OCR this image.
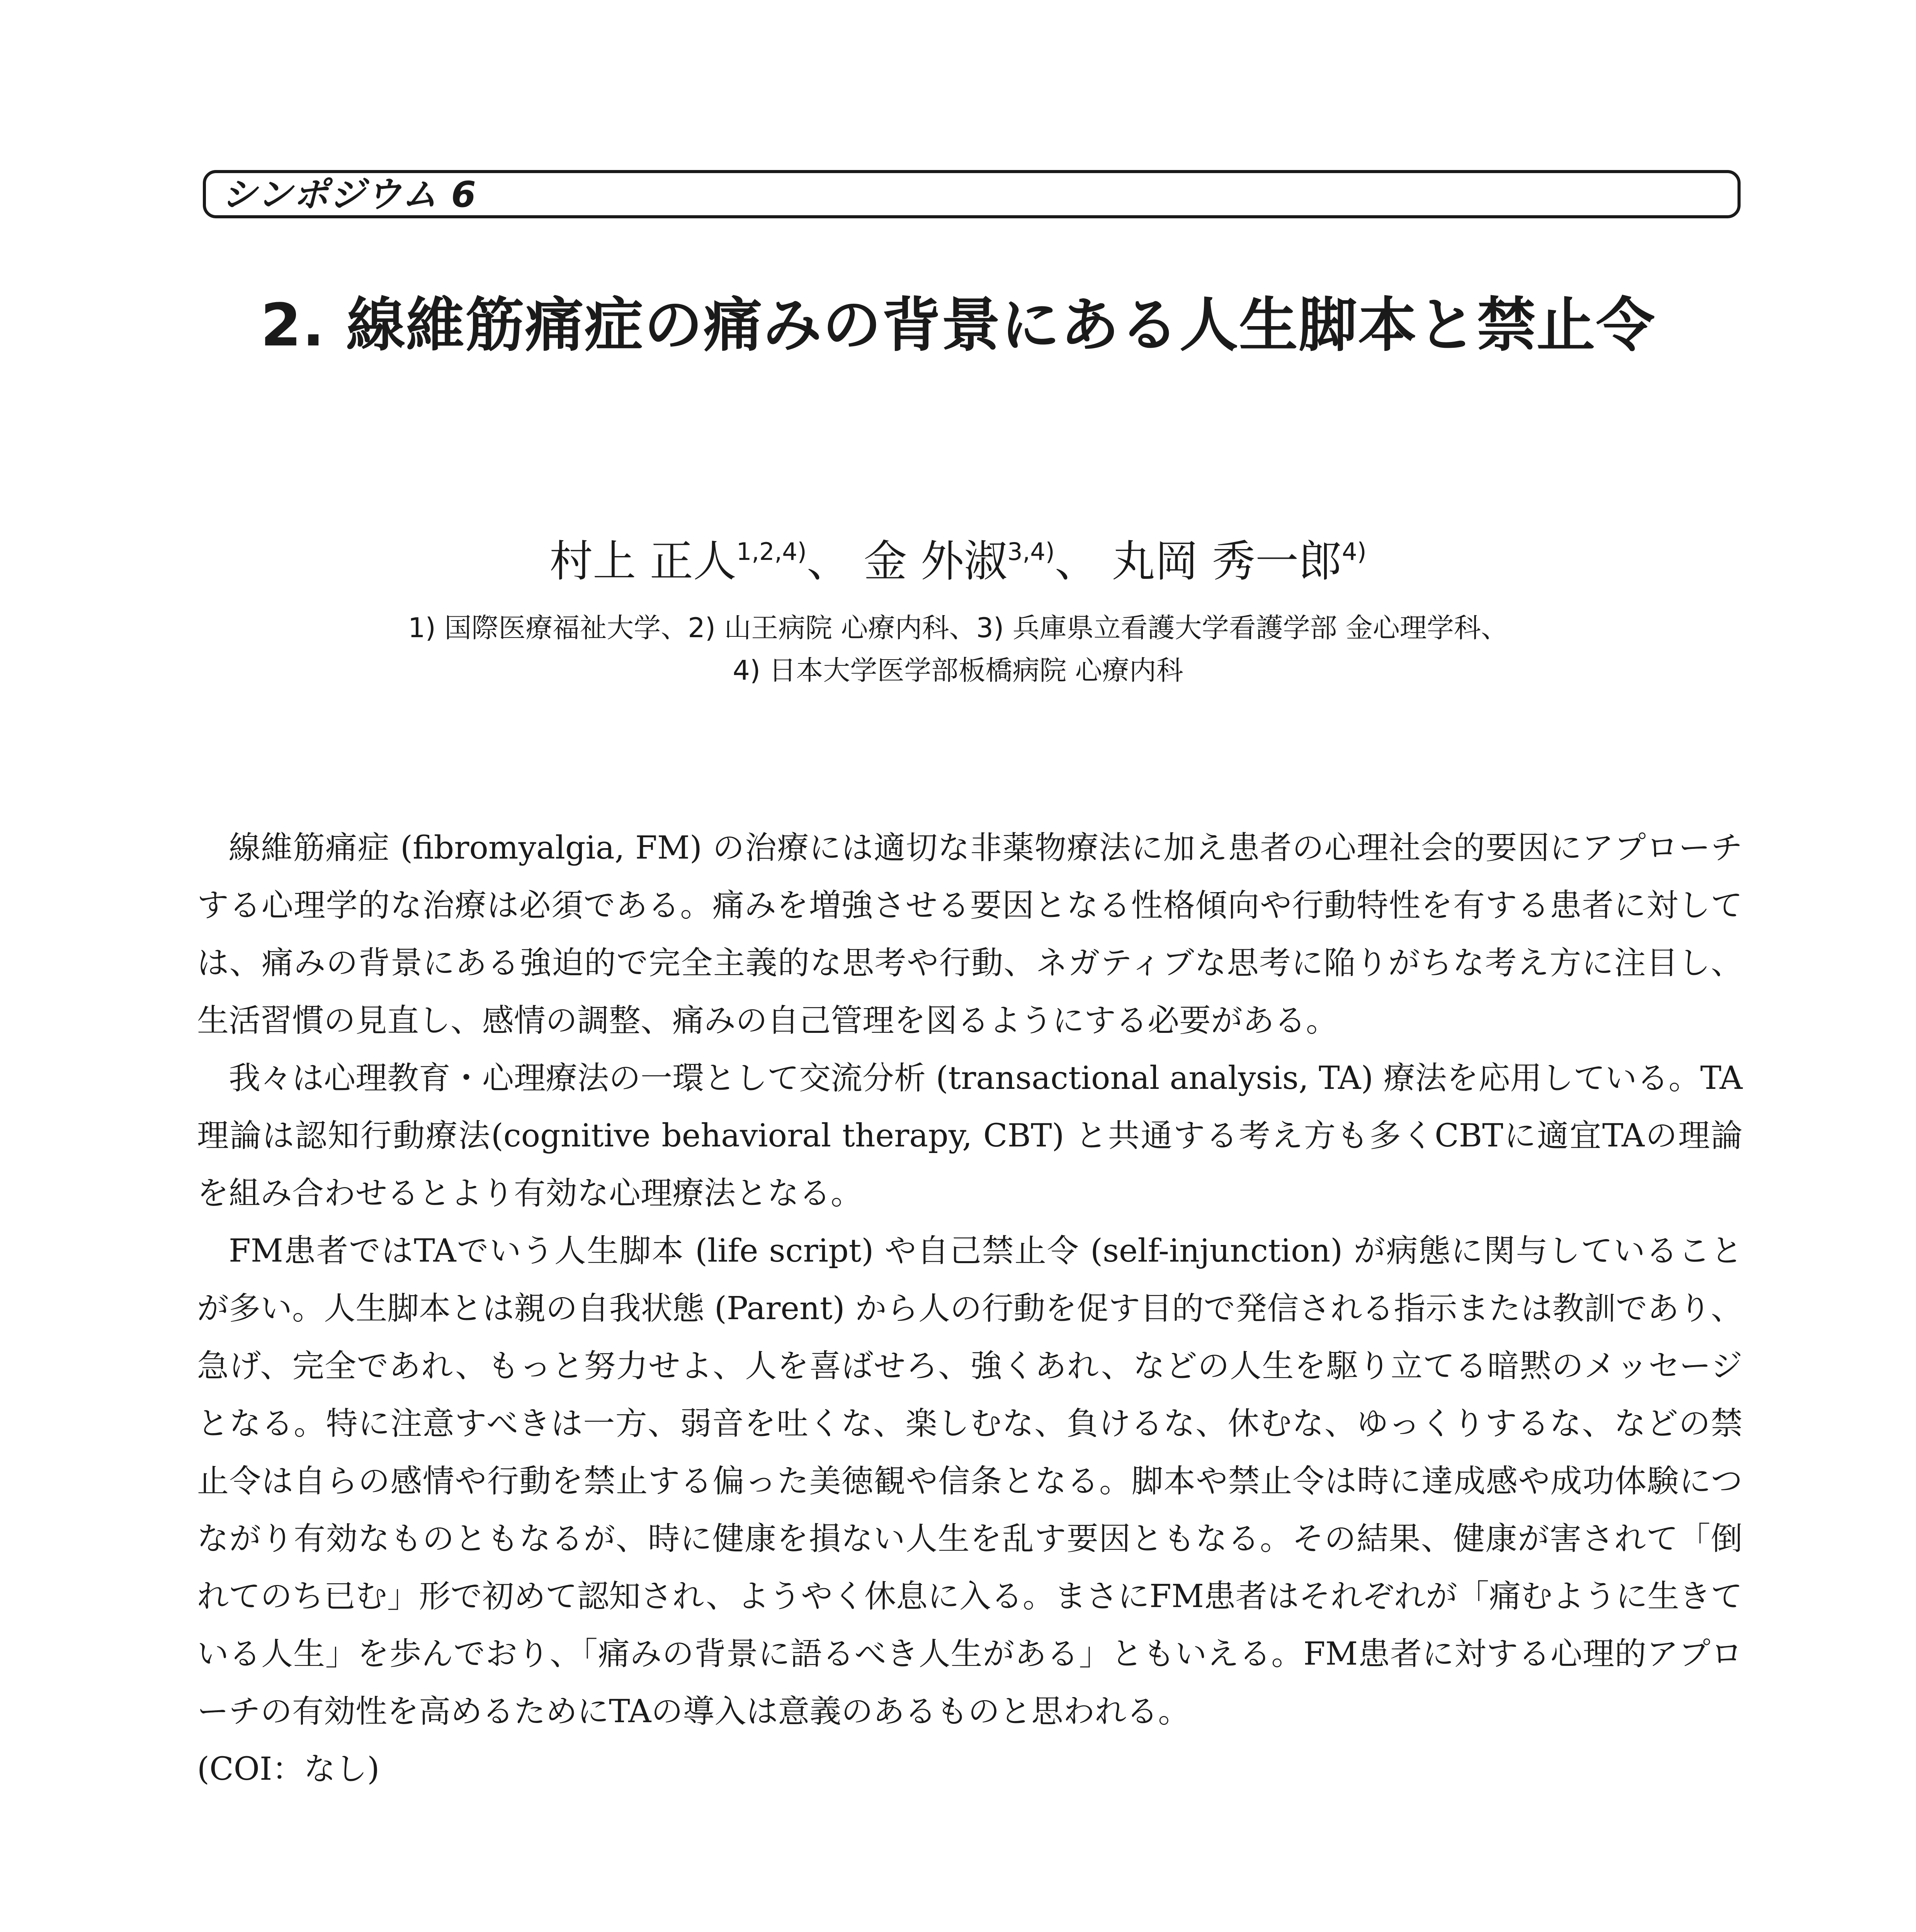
シンポジウム 6
2. 線維筋痛症の痛みの背景にある人生脚本と禁止令
村上 正人$^{1,2,4)}$、 金 外淑$^{3,4)}$、 丸岡 秀一郎$^{4)}$
1) 国際医療福祉大学、2) 山王病院 心療内科、3) 兵庫県立看護大学看護学部 金心理学科、
4) 日本大学医学部板橋病院 心療内科

線維筋痛症 (fibromyalgia, FM) の治療には適切な非薬物療法に加え患者の心理社会的要因にアプローチする心理学的な治療は必須である。痛みを増強させる要因となる性格傾向や行動特性を有する患者に対しては、痛みの背景にある強迫的で完全主義的な思考や行動、ネガティブな思考に陥りがちな考え方に注目し、生活習慣の見直し、感情の調整、痛みの自己管理を図るようにする必要がある。

我々は心理教育・心理療法の一環として交流分析 (transactional analysis, TA) 療法を応用している。TA理論は認知行動療法(cognitive behavioral therapy, CBT) と共通する考え方も多くCBTに適宜TAの理論を組み合わせるとより有効な心理療法となる。

FM患者ではTAでいう人生脚本 (life script) や自己禁止令 (self-injunction) が病態に関与していることが多い。人生脚本とは親の自我状態 (Parent) から人の行動を促す目的で発信される指示または教訓であり、急げ、完全であれ、もっと努力せよ、人を喜ばせろ、強くあれ、などの人生を駆り立てる暗黙のメッセージとなる。特に注意すべきは一方、弱音を吐くな、楽しむな、負けるな、休むな、ゆっくりするな、などの禁止令は自らの感情や行動を禁止する偏った美徳観や信条となる。脚本や禁止令は時に達成感や成功体験につながり有効なものともなるが、時に健康を損ない人生を乱す要因ともなる。その結果、健康が害されて「倒れてのち已む」形で初めて認知され、ようやく休息に入る。まさにFM患者はそれぞれが「痛むように生きている人生」を歩んでおり、「痛みの背景に語るべき人生がある」ともいえる。FM患者に対する心理的アプローチの有効性を高めるためにTAの導入は意義のあるものと思われる。

(COI：なし)
